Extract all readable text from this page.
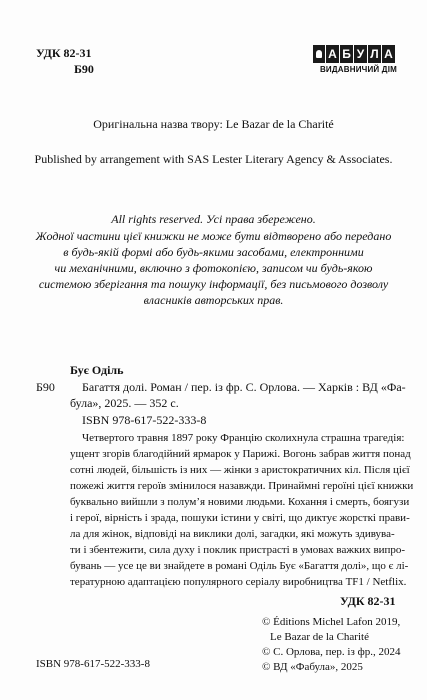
УДК 82-31
Б90
А Б У Л А
ВИДАВНИЧИЙ ДІМ
Оригінальна назва твору: Le Bazar de la Charité
Published by arrangement with SAS Lester Literary Agency & Associates.
All rights reserved. Усі права збережено.
Жодної частини цієї книжки не може бути відтворено або передано
в будь-якій формі або будь-якими засобами, електронними
чи механічними, включно з фотокопією, записом чи будь-якою
системою зберігання та пошуку інформації, без письмового дозволу
власників авторських прав.
Бує Оділь
Б90 Багаття долі. Роман / пер. із фр. С. Орлова. — Харків : ВД «Фа-
була», 2025. — 352 с.
ISBN 978-617-522-333-8
Четвертого травня 1897 року Францію сколихнула страшна трагедія:
ущент згорів благодійний ярмарок у Парижі. Вогонь забрав життя понад
сотні людей, більшість із них — жінки з аристократичних кіл. Після цієї
пожежі життя героїв змінилося назавжди. Принаймні героїні цієї книжки
буквально вийшли з полум’я новими людьми. Кохання і смерть, боягузи
і герої, вірність і зрада, пошуки істини у світі, що диктує жорсткі прави-
ла для жінок, відповіді на виклики долі, загадки, які можуть здивува-
ти і збентежити, сила духу і поклик пристрасті в умовах важких випро-
бувань — усе це ви знайдете в романі Оділь Бує «Багаття долі», що є лі-
тературною адаптацією популярного серіалу виробництва TF1 / Netflix.
УДК 82-31
© Éditions Michel Lafon 2019,
Le Bazar de la Charité
© С. Орлова, пер. із фр., 2024
© ВД «Фабула», 2025
ISBN 978-617-522-333-8
